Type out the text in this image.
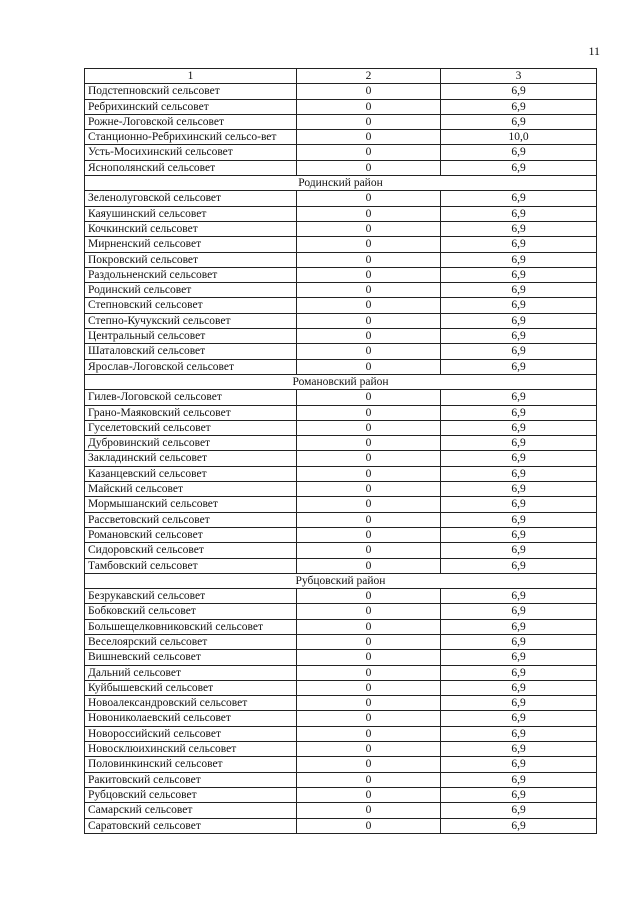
11
1	2	3
Подстепновский сельсовет	0	6,9
Ребрихинский сельсовет	0	6,9
Рожне-Логовской сельсовет	0	6,9
Станционно-Ребрихинский сельсо-вет	0	10,0
Усть-Мосихинский сельсовет	0	6,9
Яснополянский сельсовет	0	6,9
Родинский район		
Зеленолуговской сельсовет	0	6,9
Каяушинский сельсовет	0	6,9
Кочкинский сельсовет	0	6,9
Мирненский сельсовет	0	6,9
Покровский сельсовет	0	6,9
Раздольненский сельсовет	0	6,9
Родинский сельсовет	0	6,9
Степновский сельсовет	0	6,9
Степно-Кучукский сельсовет	0	6,9
Центральный сельсовет	0	6,9
Шаталовский сельсовет	0	6,9
Ярослав-Логовской сельсовет	0	6,9
Романовский район		
Гилев-Логовской сельсовет	0	6,9
Грано-Маяковский сельсовет	0	6,9
Гуселетовский сельсовет	0	6,9
Дубровинский сельсовет	0	6,9
Закладинский сельсовет	0	6,9
Казанцевский сельсовет	0	6,9
Майский сельсовет	0	6,9
Мормышанский сельсовет	0	6,9
Рассветовский сельсовет	0	6,9
Романовский сельсовет	0	6,9
Сидоровский сельсовет	0	6,9
Тамбовский сельсовет	0	6,9
Рубцовский район		
Безрукавский сельсовет	0	6,9
Бобковский сельсовет	0	6,9
Большещелковниковский сельсовет	0	6,9
Веселоярский сельсовет	0	6,9
Вишневский сельсовет	0	6,9
Дальний сельсовет	0	6,9
Куйбышевский сельсовет	0	6,9
Новоалександровский сельсовет	0	6,9
Новониколаевский сельсовет	0	6,9
Новороссийский сельсовет	0	6,9
Новосклюихинский сельсовет	0	6,9
Половинкинский сельсовет	0	6,9
Ракитовский сельсовет	0	6,9
Рубцовский сельсовет	0	6,9
Самарский сельсовет	0	6,9
Саратовский сельсовет	0	6,9
